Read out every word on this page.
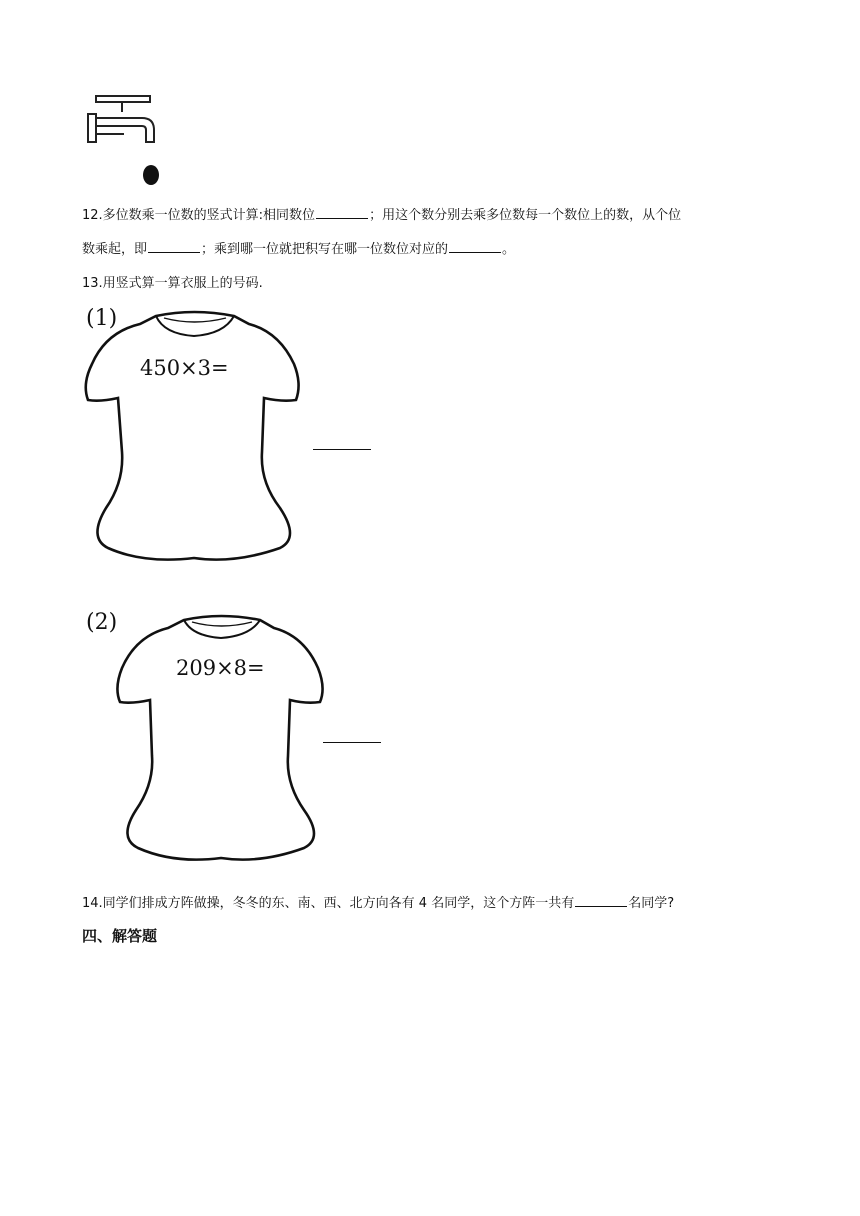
12.多位数乘一位数的竖式计算:相同数位	；用这个数分别去乘多位数每一个数位上的数，从个位
数乘起，即	；乘到哪一位就把积写在哪一位数位对应的	。
13.用竖式算一算衣服上的号码.
(1)
450×3=
(2)
209×8=
14.同学们排成方阵做操，冬冬的东、南、西、北方向各有 4 名同学，这个方阵一共有	名同学?
四、解答题
